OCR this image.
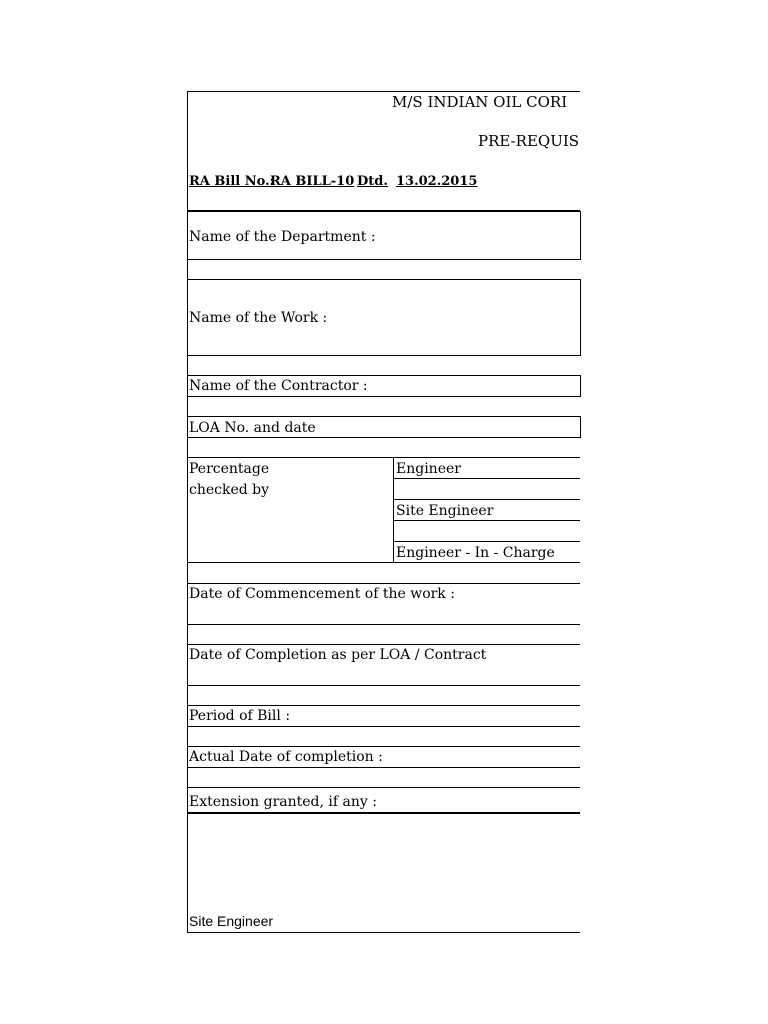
M/S INDIAN OIL CORI
PRE-REQUIS
RA Bill No.:
RA BILL-10 Dtd. 13.02.2015
Name of the Department :
Name of the Work :
Name of the Contractor :
LOA No. and date
Percentage
checked by
Engineer
Site Engineer
Engineer - In - Charge
Date of Commencement of the work :
Date of Completion as per LOA / Contract
Period of Bill :
Actual Date of completion :
Extension granted, if any :
Site Engineer
